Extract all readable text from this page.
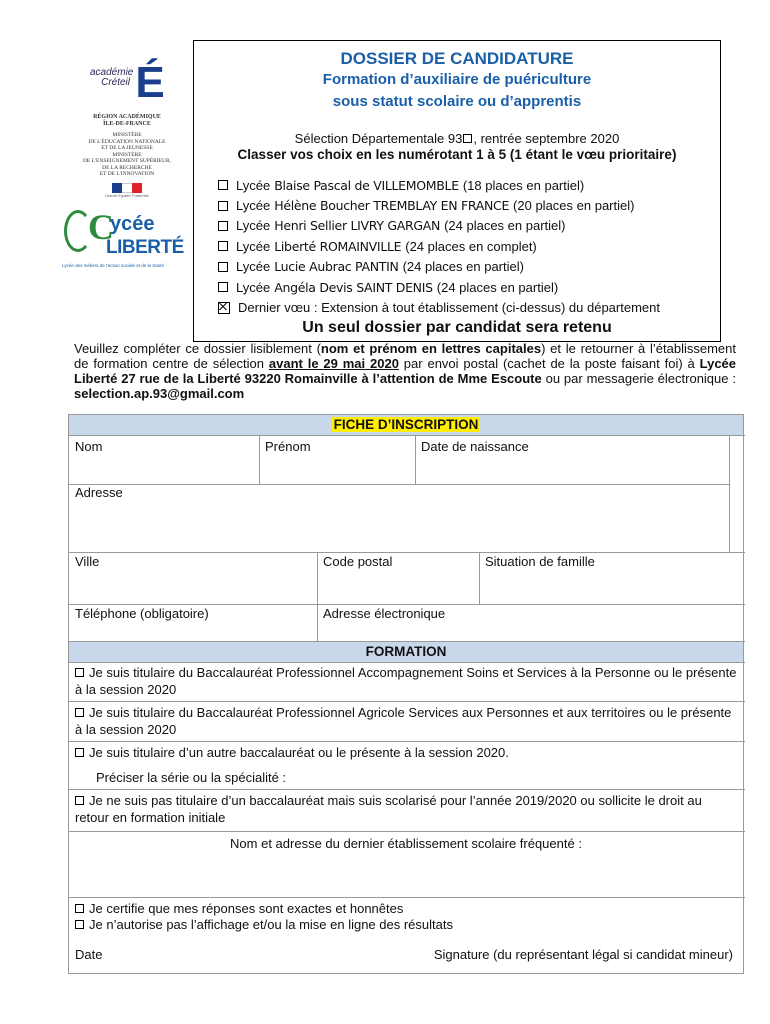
académie
Créteil É
RÉGION ACADÉMIQUE
ÎLE-DE-FRANCE
MINISTÈRE
DE L'ÉDUCATION NATIONALE
ET DE LA JEUNESSE
MINISTÈRE
DE L'ENSEIGNEMENT SUPÉRIEUR,
DE LA RECHERCHE
ET DE L'INNOVATION
Liberté Égalité Fraternité
C
ycée
LIBERTÉ
Lycée des métiers de l'action sociale et de la Santé
DOSSIER DE CANDIDATURE
Formation d’auxiliaire de puériculture
sous statut scolaire ou d’apprentis
Sélection Départementale 93 , rentrée septembre 2020
Classer vos choix en les numérotant 1 à 5 (1 étant le vœu prioritaire)
Lycée Blaise Pascal de VILLEMOMBLE (18 places en partiel)
Lycée Hélène Boucher TREMBLAY EN FRANCE (20 places en partiel)
Lycée Henri Sellier LIVRY GARGAN (24 places en partiel)
Lycée Liberté ROMAINVILLE (24 places en complet)
Lycée Lucie Aubrac PANTIN (24 places en partiel)
Lycée Angéla Devis SAINT DENIS (24 places en partiel)
Dernier vœu : Extension à tout établissement (ci-dessus) du département
Un seul dossier par candidat sera retenu
Veuillez compléter ce dossier lisiblement (nom et prénom en lettres capitales) et le retourner à l’établissement de formation centre de sélection avant le 29 mai 2020 par envoi postal (cachet de la poste faisant foi) à Lycée Liberté 27 rue de la Liberté 93220 Romainville à l’attention de Mme Escoute ou par messagerie électronique : selection.ap.93@gmail.com
FICHE D’INSCRIPTION
Nom	Prénom	Date de naissance
Adresse
Ville	Code postal	Situation de famille
Téléphone (obligatoire)	Adresse électronique
FORMATION
Je suis titulaire du Baccalauréat Professionnel Accompagnement Soins et Services à la Personne ou le présente à la session 2020
Je suis titulaire du Baccalauréat Professionnel Agricole Services aux Personnes et aux territoires ou le présente à la session 2020
Je suis titulaire d’un autre baccalauréat ou le présente à la session 2020.
Préciser la série ou la spécialité :
Je ne suis pas titulaire d’un baccalauréat mais suis scolarisé pour l’année 2019/2020 ou sollicite le droit au retour en formation initiale
Nom et adresse du dernier établissement scolaire fréquenté :
Je certifie que mes réponses sont exactes et honnêtes
Je n’autorise pas l’affichage et/ou la mise en ligne des résultats
Date	Signature (du représentant légal si candidat mineur)
